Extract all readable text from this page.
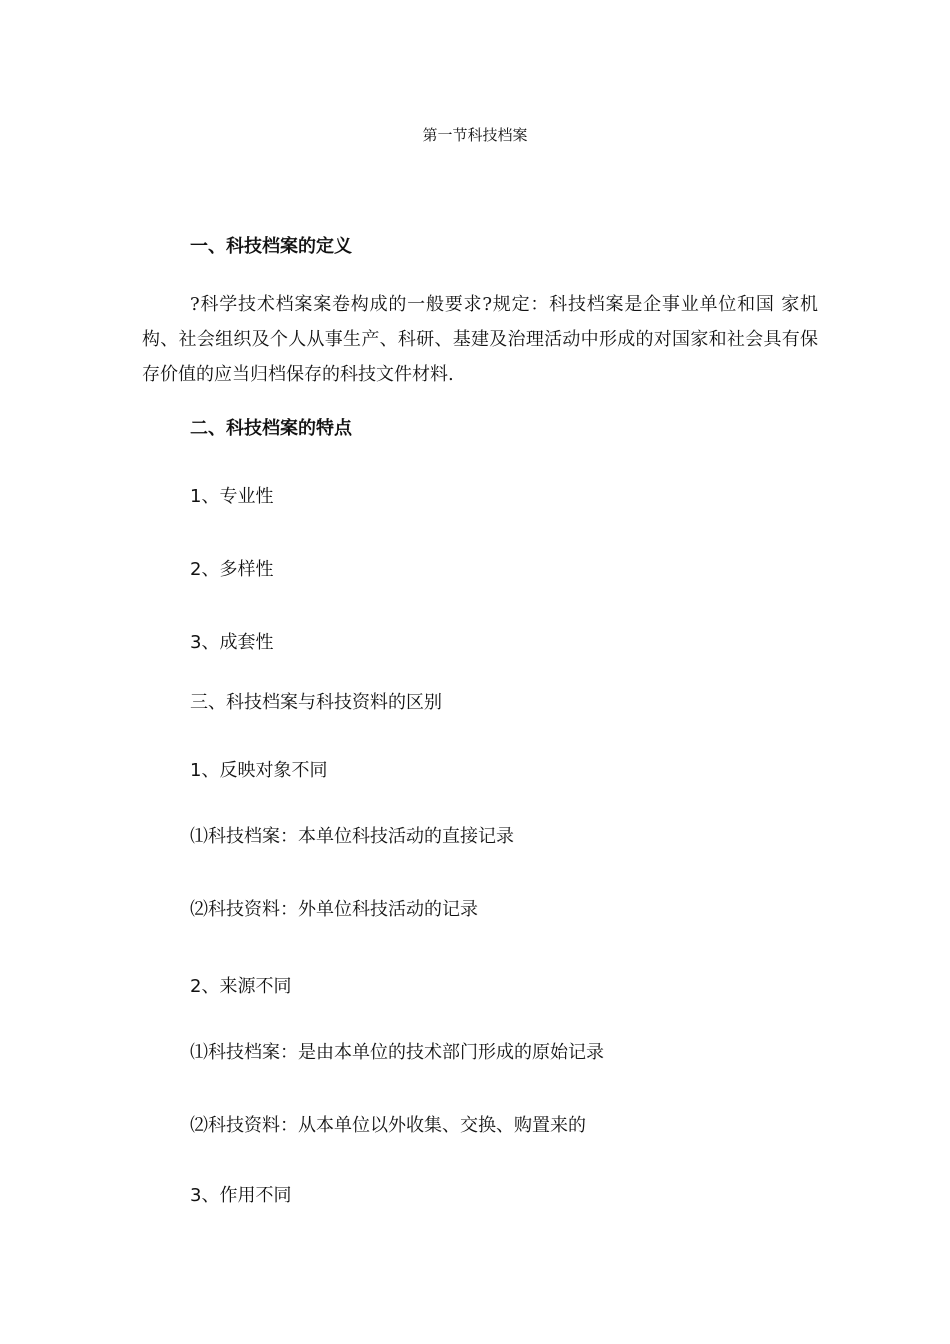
第一节科技档案
一、科技档案的定义
?科学技术档案案卷构成的一般要求?规定：科技档案是企事业单位和国 家机构、社会组织及个人从事生产、科研、基建及治理活动中形成的对国家和社会具有保存价值的应当归档保存的科技文件材料.
二、科技档案的特点
1、专业性
2、多样性
3、成套性
三、科技档案与科技资料的区别
1、反映对象不同
⑴科技档案：本单位科技活动的直接记录
⑵科技资料：外单位科技活动的记录
2、来源不同
⑴科技档案：是由本单位的技术部门形成的原始记录
⑵科技资料：从本单位以外收集、交换、购置来的
3、作用不同
